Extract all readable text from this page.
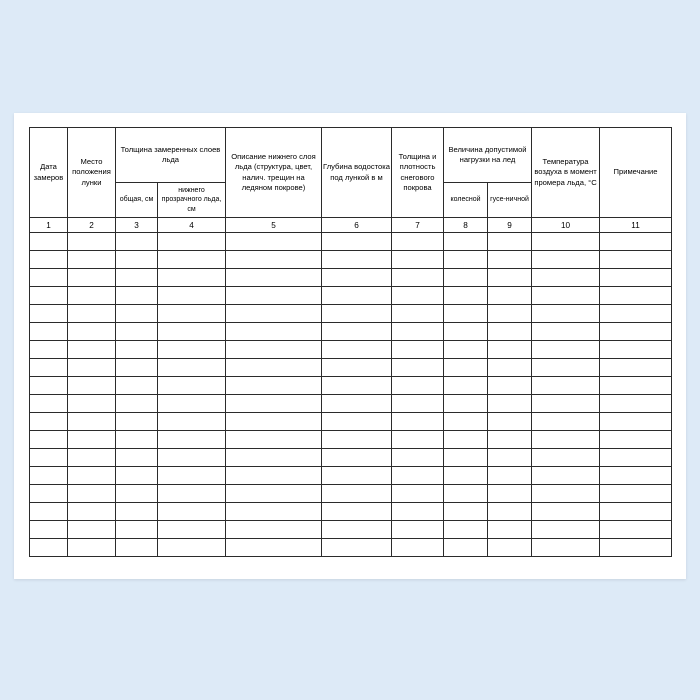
Дата замеров	Место положения лунки	Толщина замеренных слоев льда		Описание нижнего слоя льда (структура, цвет, налич. трещин на ледяном покрове)	Глубина водостока под лункой в м	Толщина и плотность снегового покрова	Величина допустимой нагрузки на лед		Температура воздуха в момент промера льда, °C	Примечание
		общая, см	нижнего прозрачного льда, см				колесной	гусе-ничной		
1	2	3	4	5	6	7	8	9	10	11
